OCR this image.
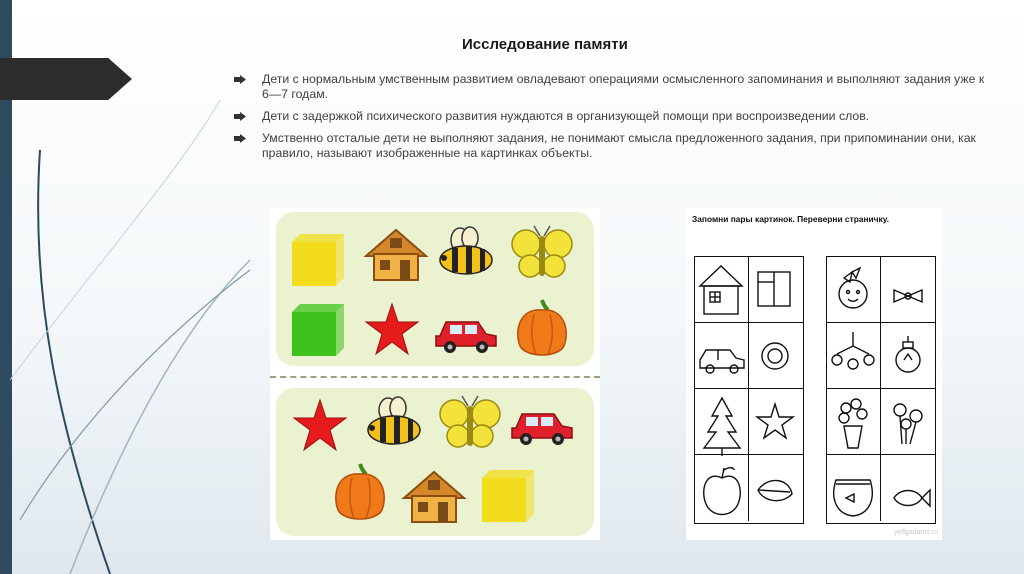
Исследование памяти
Дети с нормальным умственным развитием овладевают операциями осмысленного запоминания и выполняют задания уже к 6—7 годам.
Дети с задержкой психического развития нуждаются в организующей помощи при воспроизведении слов.
Умственно отсталые дети не выполняют задания, не понимают смысла предложенного задания, при припоминании они, как правило, называют изображенные на картинках объекты.
Запомни пары картинок. Переверни страничку.
yelfgadams.ru
